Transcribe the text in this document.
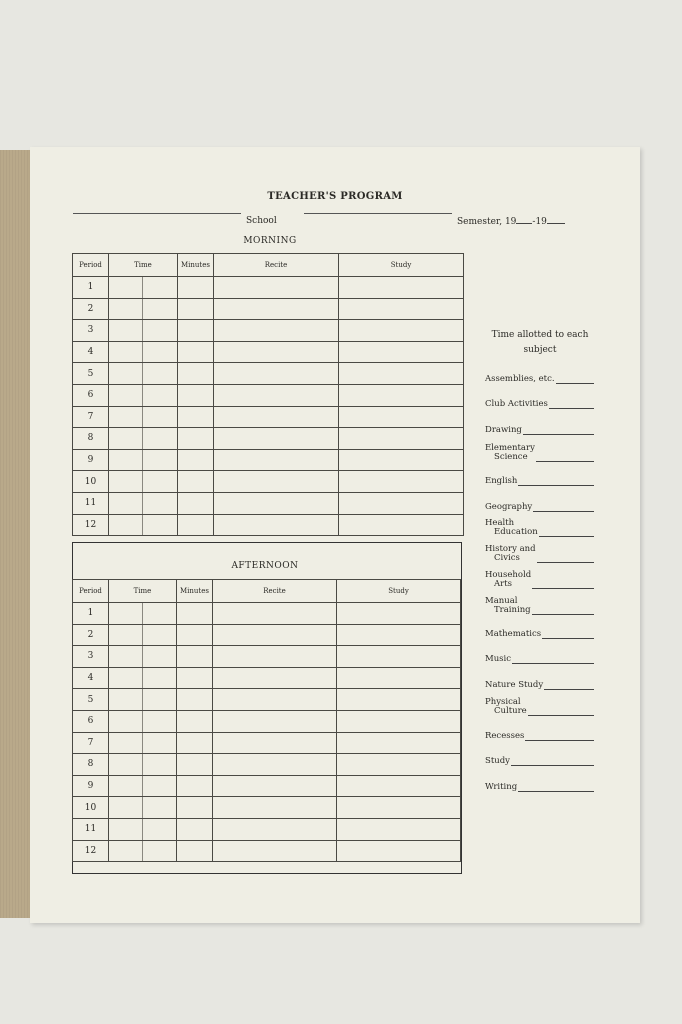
TEACHER'S PROGRAM
School	Semester, 19 -19
MORNING
Period	Time		Minutes	Recite	Study
1					
2					
3					
4					
5					
6					
7					
8					
9					
10					
11					
12					
AFTERNOON
Period	Time		Minutes	Recite	Study
1					
2					
3					
4					
5					
6					
7					
8					
9					
10					
11					
12					
Time allotted to each
subject
Assemblies, etc.
Club Activities
Drawing
Elementary
Science
English
Geography
Health
Education
History and
Civics
Household
Arts
Manual
Training
Mathematics
Music
Nature Study
Physical
Culture
Recesses
Study
Writing
